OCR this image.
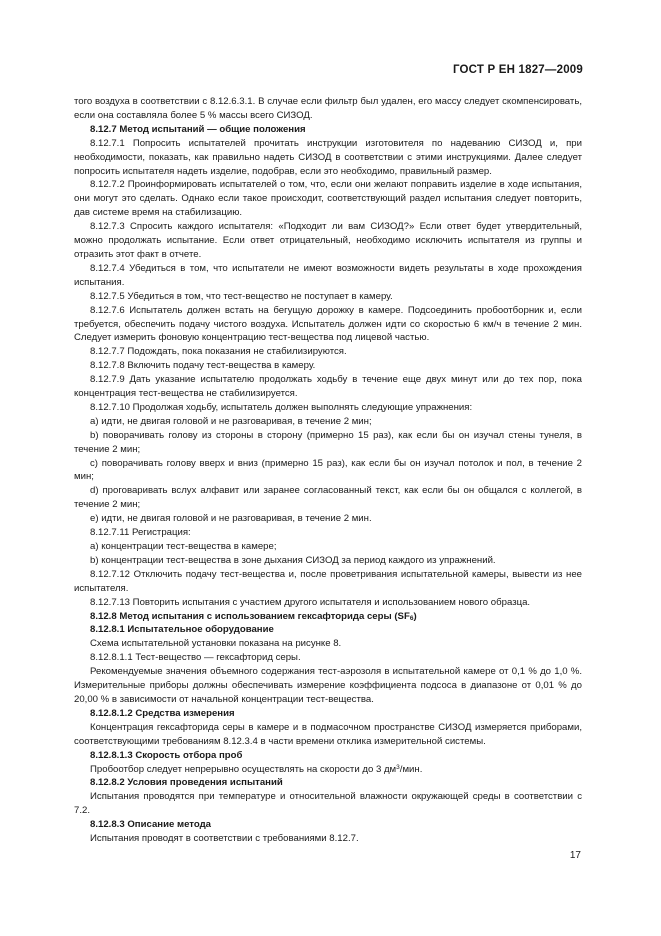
ГОСТ Р ЕН 1827—2009

того воздуха в соответствии с 8.12.6.3.1. В случае если фильтр был удален, его массу следует скомпенсировать, если она составляла более 5 % массы всего СИЗОД.

8.12.7 Метод испытаний — общие положения

8.12.7.1 Попросить испытателей прочитать инструкции изготовителя по надеванию СИЗОД и, при необходимости, показать, как правильно надеть СИЗОД в соответствии с этими инструкциями. Далее следует попросить испытателя надеть изделие, подобрав, если это необходимо, правильный размер.

8.12.7.2 Проинформировать испытателей о том, что, если они желают поправить изделие в ходе испытания, они могут это сделать. Однако если такое происходит, соответствующий раздел испытания следует повторить, дав системе время на стабилизацию.

8.12.7.3 Спросить каждого испытателя: «Подходит ли вам СИЗОД?» Если ответ будет утвердительный, можно продолжать испытание. Если ответ отрицательный, необходимо исключить испытателя из группы и отразить этот факт в отчете.

8.12.7.4 Убедиться в том, что испытатели не имеют возможности видеть результаты в ходе прохождения испытания.

8.12.7.5 Убедиться в том, что тест-вещество не поступает в камеру.

8.12.7.6 Испытатель должен встать на бегущую дорожку в камере. Подсоединить пробоотборник и, если требуется, обеспечить подачу чистого воздуха. Испытатель должен идти со скоростью 6 км/ч в течение 2 мин. Следует измерить фоновую концентрацию тест-вещества под лицевой частью.

8.12.7.7 Подождать, пока показания не стабилизируются.

8.12.7.8 Включить подачу тест-вещества в камеру.

8.12.7.9 Дать указание испытателю продолжать ходьбу в течение еще двух минут или до тех пор, пока концентрация тест-вещества не стабилизируется.

8.12.7.10 Продолжая ходьбу, испытатель должен выполнять следующие упражнения:

a) идти, не двигая головой и не разговаривая, в течение 2 мин;

b) поворачивать голову из стороны в сторону (примерно 15 раз), как если бы он изучал стены тунеля, в течение 2 мин;

c) поворачивать голову вверх и вниз (примерно 15 раз), как если бы он изучал потолок и пол, в течение 2 мин;

d) проговаривать вслух алфавит или заранее согласованный текст, как если бы он общался с коллегой, в течение 2 мин;

e) идти, не двигая головой и не разговаривая, в течение 2 мин.

8.12.7.11 Регистрация:

a) концентрации тест-вещества в камере;

b) концентрации тест-вещества в зоне дыхания СИЗОД за период каждого из упражнений.

8.12.7.12 Отключить подачу тест-вещества и, после проветривания испытательной камеры, вывести из нее испытателя.

8.12.7.13 Повторить испытания с участием другого испытателя и использованием нового образца.

8.12.8 Метод испытания с использованием гексафторида серы $(SF_6)$

8.12.8.1 Испытательное оборудование

Схема испытательной установки показана на рисунке 8.

8.12.8.1.1 Тест-вещество — гексафторид серы.

Рекомендуемые значения объемного содержания тест-аэрозоля в испытательной камере от 0,1 % до 1,0 %. Измерительные приборы должны обеспечивать измерение коэффициента подсоса в диапазоне от 0,01 % до 20,00 % в зависимости от начальной концентрации тест-вещества.

8.12.8.1.2 Средства измерения

Концентрация гексафторида серы в камере и в подмасочном пространстве СИЗОД измеряется приборами, соответствующими требованиям 8.12.3.4 в части времени отклика измерительной системы.

8.12.8.1.3 Скорость отбора проб

Пробоотбор следует непрерывно осуществлять на скорости до 3 $дм^3$/мин.

8.12.8.2 Условия проведения испытаний

Испытания проводятся при температуре и относительной влажности окружающей среды в соответствии с 7.2.

8.12.8.3 Описание метода

Испытания проводят в соответствии с требованиями 8.12.7.

17
